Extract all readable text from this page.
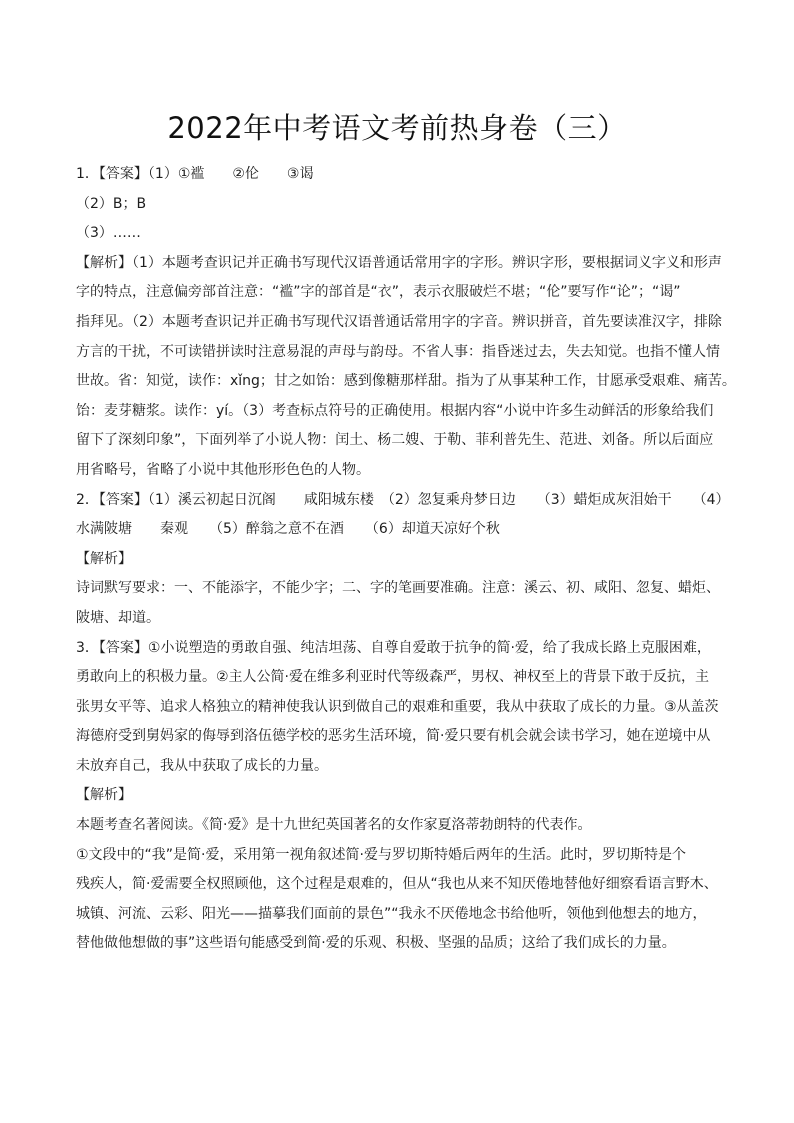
2022年中考语文考前热身卷（三）

1．【答案】（1）①褴　　②伦　　③谒

（2）B；B

（3）……

【解析】（1）本题考查识记并正确书写现代汉语普通话常用字的字形。辨识字形，要根据词义字义和形声

字的特点，注意偏旁部首注意：“褴”字的部首是“衣”，表示衣服破烂不堪；“伦”要写作“论”；“谒”

指拜见。（2）本题考查识记并正确书写现代汉语普通话常用字的字音。辨识拼音，首先要读准汉字，排除

方言的干扰，不可读错拼读时注意易混的声母与韵母。不省人事：指昏迷过去，失去知觉。也指不懂人情

世故。省：知觉，读作：xǐng；甘之如饴：感到像糖那样甜。指为了从事某种工作，甘愿承受艰难、痛苦。

饴：麦芽糖浆。读作：yí。（3）考查标点符号的正确使用。根据内容“小说中许多生动鲜活的形象给我们

留下了深刻印象”，下面列举了小说人物：闰土、杨二嫂、于勒、菲利普先生、范进、刘备。所以后面应

用省略号，省略了小说中其他形形色色的人物。

2．【答案】（1）溪云初起日沉阁　　咸阳城东楼　（2）忽复乘舟梦日边　　（3）蜡炬成灰泪始干　　（4）

水满陂塘　　秦观　　（5）醉翁之意不在酒　　（6）却道天凉好个秋

【解析】

诗词默写要求：一、不能添字，不能少字；二、字的笔画要准确。注意：溪云、初、咸阳、忽复、蜡炬、

陂塘、却道。

3．【答案】①小说塑造的勇敢自强、纯洁坦荡、自尊自爱敢于抗争的简·爱，给了我成长路上克服困难，

勇敢向上的积极力量。②主人公简·爱在维多利亚时代等级森严，男权、神权至上的背景下敢于反抗，主

张男女平等、追求人格独立的精神使我认识到做自己的艰难和重要，我从中获取了成长的力量。③从盖茨

海德府受到舅妈家的侮辱到洛伍德学校的恶劣生活环境，简·爱只要有机会就会读书学习，她在逆境中从

未放弃自己，我从中获取了成长的力量。

【解析】

本题考查名著阅读。《简·爱》是十九世纪英国著名的女作家夏洛蒂勃朗特的代表作。

①文段中的“我”是简·爱，采用第一视角叙述简·爱与罗切斯特婚后两年的生活。此时，罗切斯特是个

残疾人，简·爱需要全权照顾他，这个过程是艰难的，但从“我也从来不知厌倦地替他好细察看语言野木、

城镇、河流、云彩、阳光——描摹我们面前的景色”“我永不厌倦地念书给他听，领他到他想去的地方，

替他做他想做的事”这些语句能感受到简·爱的乐观、积极、坚强的品质；这给了我们成长的力量。
